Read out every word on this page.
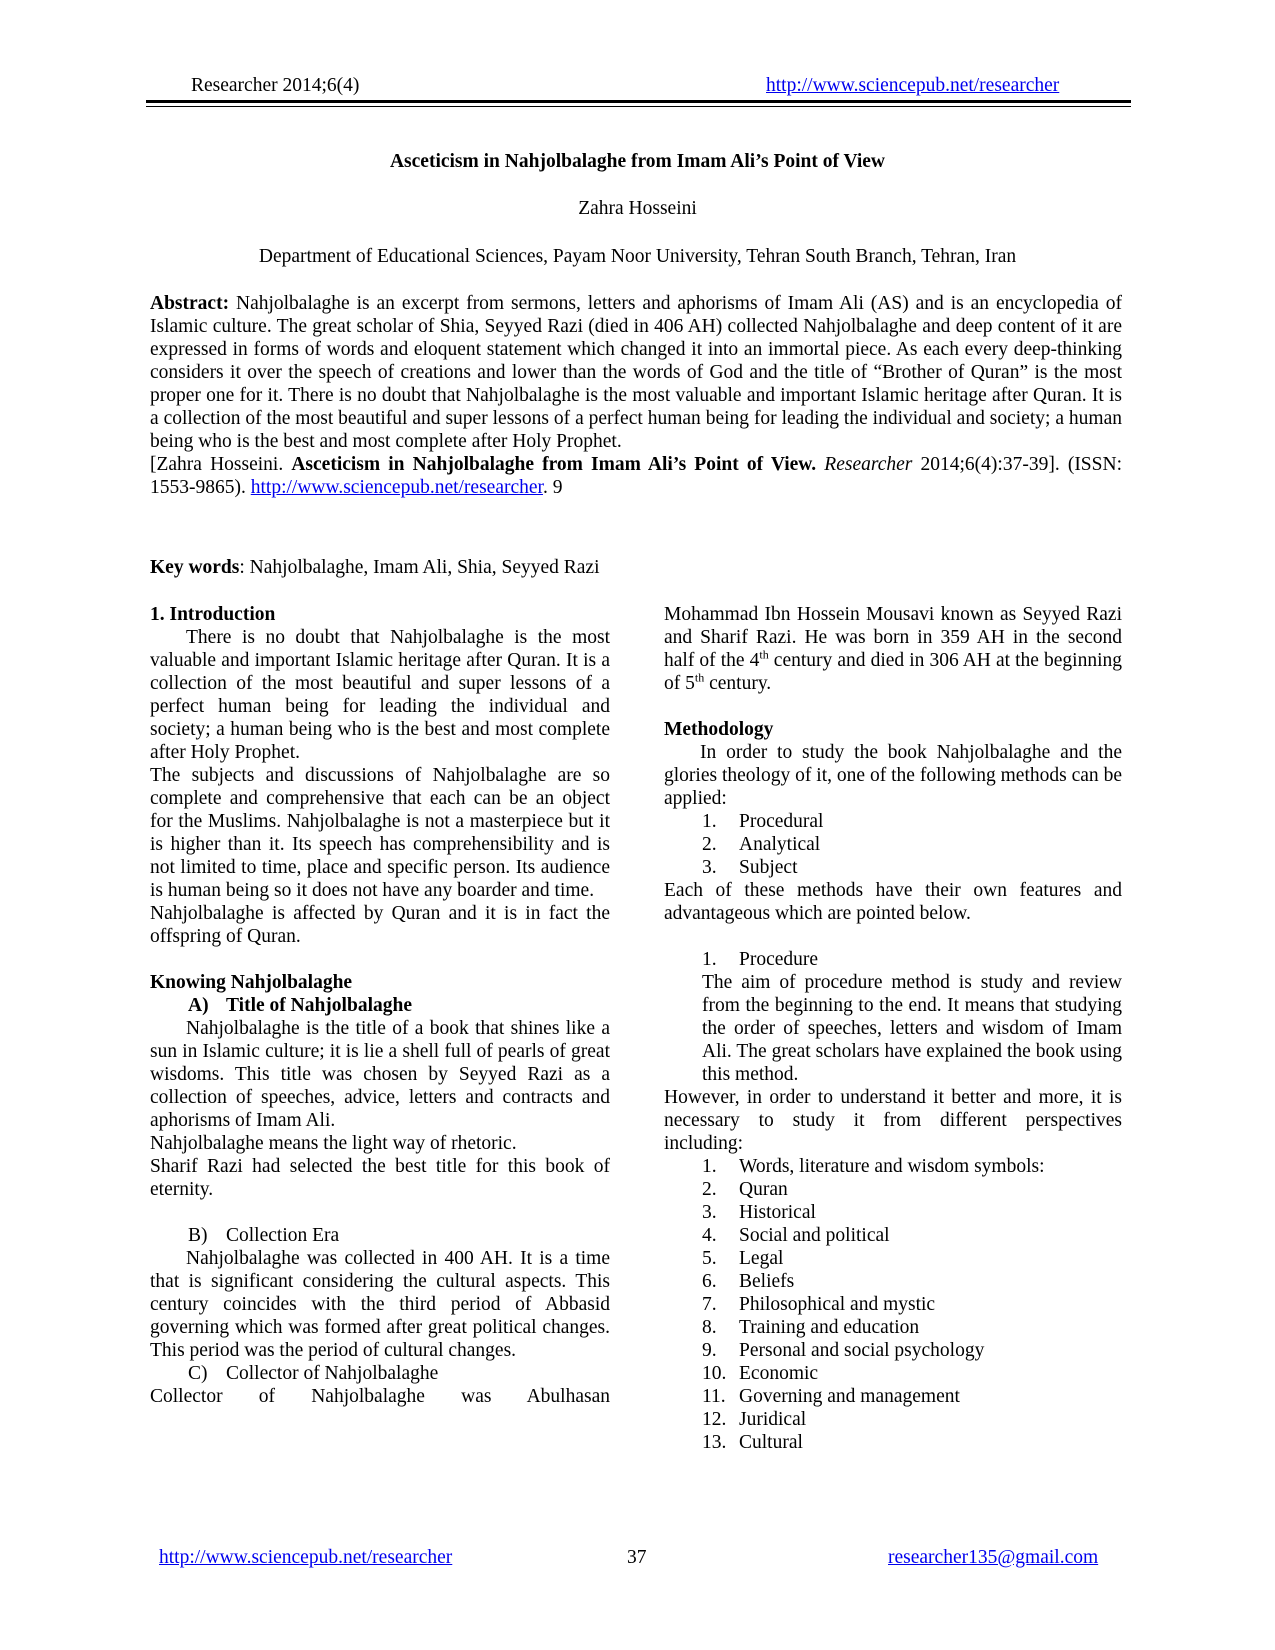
Researcher 2014;6(4)	http://www.sciencepub.net/researcher
Asceticism in Nahjolbalaghe from Imam Ali’s Point of View
Zahra Hosseini
Department of Educational Sciences, Payam Noor University, Tehran South Branch, Tehran, Iran

Abstract: Nahjolbalaghe is an excerpt from sermons, letters and aphorisms of Imam Ali (AS) and is an encyclopedia of Islamic culture. The great scholar of Shia, Seyyed Razi (died in 406 AH) collected Nahjolbalaghe and deep content of it are expressed in forms of words and eloquent statement which changed it into an immortal piece. As each every deep-thinking considers it over the speech of creations and lower than the words of God and the title of “Brother of Quran” is the most proper one for it. There is no doubt that Nahjolbalaghe is the most valuable and important Islamic heritage after Quran. It is a collection of the most beautiful and super lessons of a perfect human being for leading the individual and society; a human being who is the best and most complete after Holy Prophet.

[Zahra Hosseini. Asceticism in Nahjolbalaghe from Imam Ali’s Point of View. Researcher 2014;6(4):37-39]. (ISSN: 1553-9865). http://www.sciencepub.net/researcher. 9

Key words: Nahjolbalaghe, Imam Ali, Shia, Seyyed Razi

1. Introduction

There is no doubt that Nahjolbalaghe is the most valuable and important Islamic heritage after Quran. It is a collection of the most beautiful and super lessons of a perfect human being for leading the individual and society; a human being who is the best and most complete after Holy Prophet.

The subjects and discussions of Nahjolbalaghe are so complete and comprehensive that each can be an object for the Muslims. Nahjolbalaghe is not a masterpiece but it is higher than it. Its speech has comprehensibility and is not limited to time, place and specific person. Its audience is human being so it does not have any boarder and time.

Nahjolbalaghe is affected by Quran and it is in fact the offspring of Quran.

Knowing Nahjolbalaghe

A) Title of Nahjolbalaghe

Nahjolbalaghe is the title of a book that shines like a sun in Islamic culture; it is lie a shell full of pearls of great wisdoms. This title was chosen by Seyyed Razi as a collection of speeches, advice, letters and contracts and aphorisms of Imam Ali.

Nahjolbalaghe means the light way of rhetoric.

Sharif Razi had selected the best title for this book of eternity.

B) Collection Era

Nahjolbalaghe was collected in 400 AH. It is a time that is significant considering the cultural aspects. This century coincides with the third period of Abbasid governing which was formed after great political changes. This period was the period of cultural changes.

C) Collector of Nahjolbalaghe

Collector of Nahjolbalaghe was Abulhasan

Mohammad Ibn Hossein Mousavi known as Seyyed Razi and Sharif Razi. He was born in 359 AH in the second half of the 4th century and died in 306 AH at the beginning of 5th century.

Methodology

In order to study the book Nahjolbalaghe and the glories theology of it, one of the following methods can be applied:

1. Procedural
2. Analytical
3. Subject

Each of these methods have their own features and advantageous which are pointed below.

1. Procedure

The aim of procedure method is study and review from the beginning to the end. It means that studying the order of speeches, letters and wisdom of Imam Ali. The great scholars have explained the book using this method.

However, in order to understand it better and more, it is necessary to study it from different perspectives including:

1. Words, literature and wisdom symbols:
2. Quran
3. Historical
4. Social and political
5. Legal
6. Beliefs
7. Philosophical and mystic
8. Training and education
9. Personal and social psychology
10. Economic
11. Governing and management
12. Juridical
13. Cultural
http://www.sciencepub.net/researcher	37	researcher135@gmail.com
